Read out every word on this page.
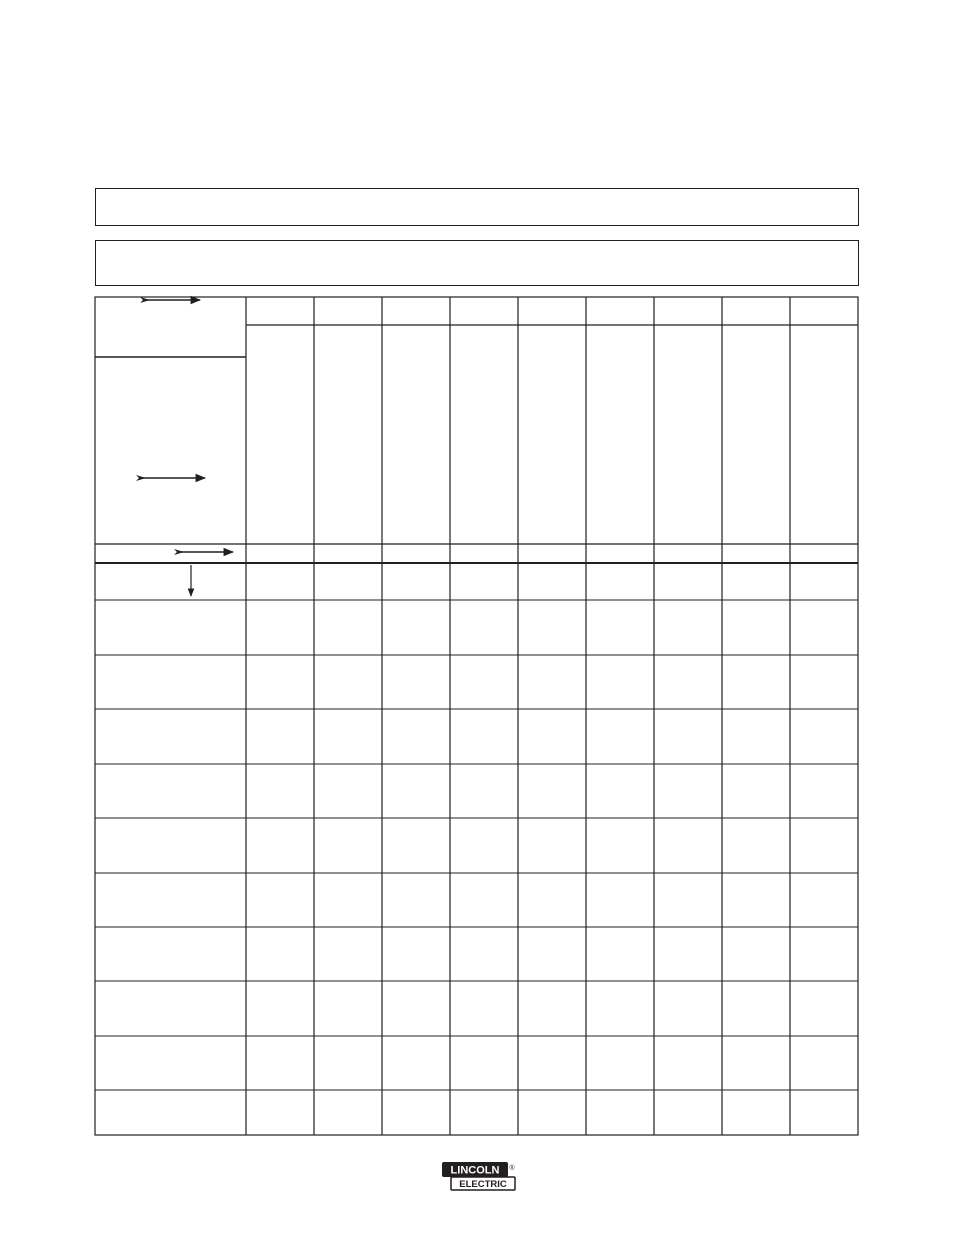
LINCOLN ®
ELECTRIC
